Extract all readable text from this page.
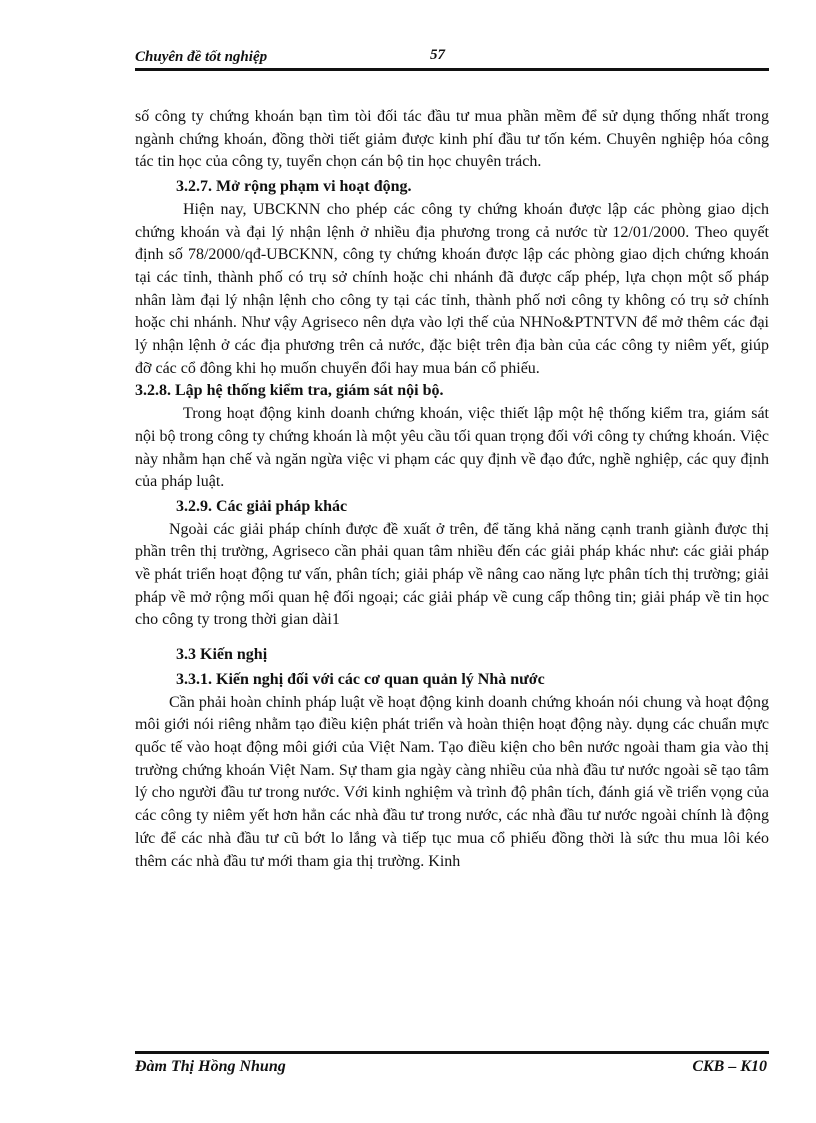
Chuyên đề tốt nghiệp	57

số công ty chứng khoán bạn tìm tòi đối tác đầu tư mua phần mềm để sử dụng thống nhất trong ngành chứng khoán, đồng thời tiết giảm được kinh phí đầu tư tốn kém. Chuyên nghiệp hóa công tác tin học của công ty, tuyển chọn cán bộ tin học chuyên trách.

3.2.7. Mở rộng phạm vi hoạt động.

Hiện nay, UBCKNN cho phép các công ty chứng khoán được lập các phòng giao dịch chứng khoán và đại lý nhận lệnh ở nhiều địa phương trong cả nước từ 12/01/2000. Theo quyết định số 78/2000/qđ-UBCKNN, công ty chứng khoán được lập các phòng giao dịch chứng khoán tại các tỉnh, thành phố có trụ sở chính hoặc chi nhánh đã được cấp phép, lựa chọn một số pháp nhân làm đại lý nhận lệnh cho công ty tại các tỉnh, thành phố nơi công ty không có trụ sở chính hoặc chi nhánh. Như vậy Agriseco nên dựa vào lợi thế của NHNo&PTNTVN để mở thêm các đại lý nhận lệnh ở các địa phương trên cả nước, đặc biệt trên địa bàn của các công ty niêm yết, giúp đỡ các cổ đông khi họ muốn chuyển đổi hay mua bán cổ phiếu.

3.2.8. Lập hệ thống kiểm tra, giám sát nội bộ.

Trong hoạt động kinh doanh chứng khoán, việc thiết lập một hệ thống kiểm tra, giám sát nội bộ trong công ty chứng khoán là một yêu cầu tối quan trọng đối với công ty chứng khoán. Việc này nhằm hạn chế và ngăn ngừa việc vi phạm các quy định về đạo đức, nghề nghiệp, các quy định của pháp luật.

3.2.9. Các giải pháp khác

Ngoài các giải pháp chính được đề xuất ở trên, để tăng khả năng cạnh tranh giành được thị phần trên thị trường, Agriseco cần phải quan tâm nhiều đến các giải pháp khác như: các giải pháp về phát triển hoạt động tư vấn, phân tích; giải pháp về nâng cao năng lực phân tích thị trường; giải pháp về mở rộng mối quan hệ đối ngoại; các giải pháp về cung cấp thông tin; giải pháp về tin học cho công ty trong thời gian dài1

3.3 Kiến nghị

3.3.1. Kiến nghị đối với các cơ quan quản lý Nhà nước

Cần phải hoàn chỉnh pháp luật về hoạt động kinh doanh chứng khoán nói chung và hoạt động môi giới nói riêng nhằm tạo điều kiện phát triển và hoàn thiện hoạt động này. dụng các chuẩn mực quốc tế vào hoạt động môi giới của Việt Nam. Tạo điều kiện cho bên nước ngoài tham gia vào thị trường chứng khoán Việt Nam. Sự tham gia ngày càng nhiều của nhà đầu tư nước ngoài sẽ tạo tâm lý cho người đầu tư trong nước. Với kinh nghiệm và trình độ phân tích, đánh giá về triển vọng của các công ty niêm yết hơn hẳn các nhà đầu tư trong nước, các nhà đầu tư nước ngoài chính là động lức để các nhà đầu tư cũ bớt lo lắng và tiếp tục mua cổ phiếu đồng thời là sức thu mua lôi kéo thêm các nhà đầu tư mới tham gia thị trường. Kinh

Đàm Thị Hồng Nhung	CKB – K10
